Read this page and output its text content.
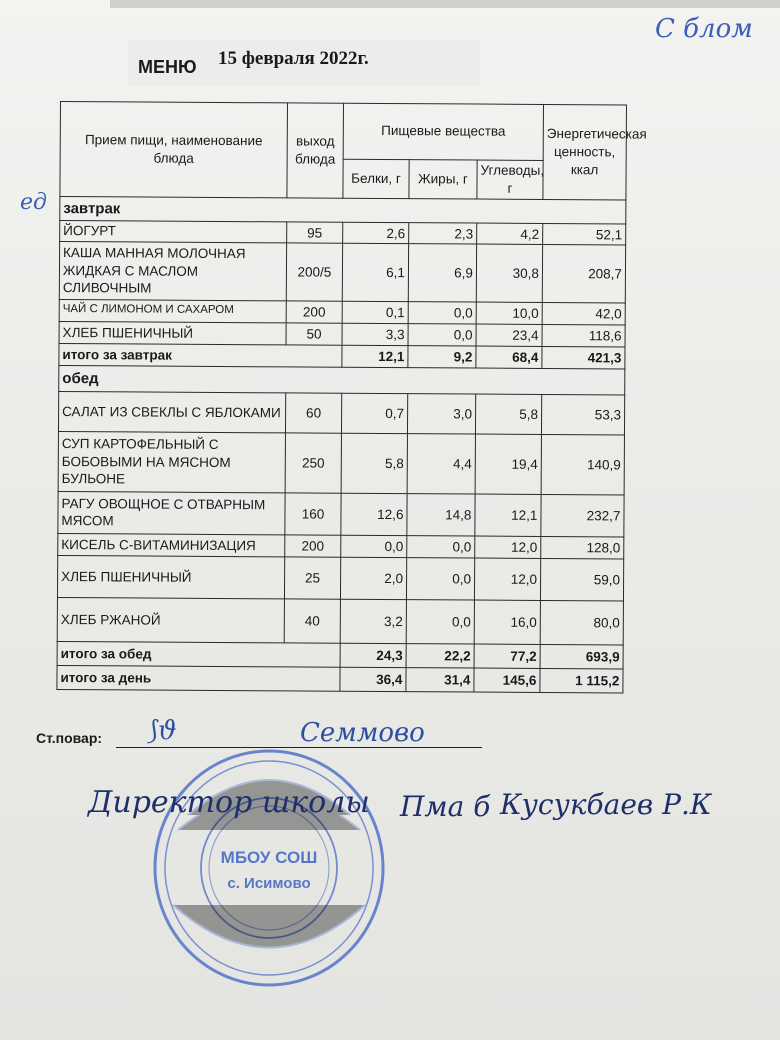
С блом
ед
МЕНЮ 15 февраля 2022г.
Прием пищи, наименование блюда	выход блюда	Пищевые вещества			Энергетическая ценность, ккал
		Белки, г	Жиры, г	Углеводы, г	
завтрак					
ЙОГУРТ	95	2,6	2,3	4,2	52,1
КАША МАННАЯ МОЛОЧНАЯ ЖИДКАЯ С МАСЛОМ СЛИВОЧНЫМ	200/5	6,1	6,9	30,8	208,7
ЧАЙ С ЛИМОНОМ И САХАРОМ	200	0,1	0,0	10,0	42,0
ХЛЕБ ПШЕНИЧНЫЙ	50	3,3	0,0	23,4	118,6
итого за завтрак		12,1	9,2	68,4	421,3
обед					
САЛАТ ИЗ СВЕКЛЫ С ЯБЛОКАМИ	60	0,7	3,0	5,8	53,3
СУП КАРТОФЕЛЬНЫЙ С БОБОВЫМИ НА МЯСНОМ БУЛЬОНЕ	250	5,8	4,4	19,4	140,9
РАГУ ОВОЩНОЕ С ОТВАРНЫМ МЯСОМ	160	12,6	14,8	12,1	232,7
КИСЕЛЬ С-ВИТАМИНИЗАЦИЯ	200	0,0	0,0	12,0	128,0
ХЛЕБ ПШЕНИЧНЫЙ	25	2,0	0,0	12,0	59,0
ХЛЕБ РЖАНОЙ	40	3,2	0,0	16,0	80,0
итого за обед		24,3	22,2	77,2	693,9
итого за день		36,4	31,4	145,6	1 115,2
Ст.повар: ⟆ϑ	Семмово
МБОУ СОШ
с. Исимово
Директор школы Пма б Кусукбаев Р.К
